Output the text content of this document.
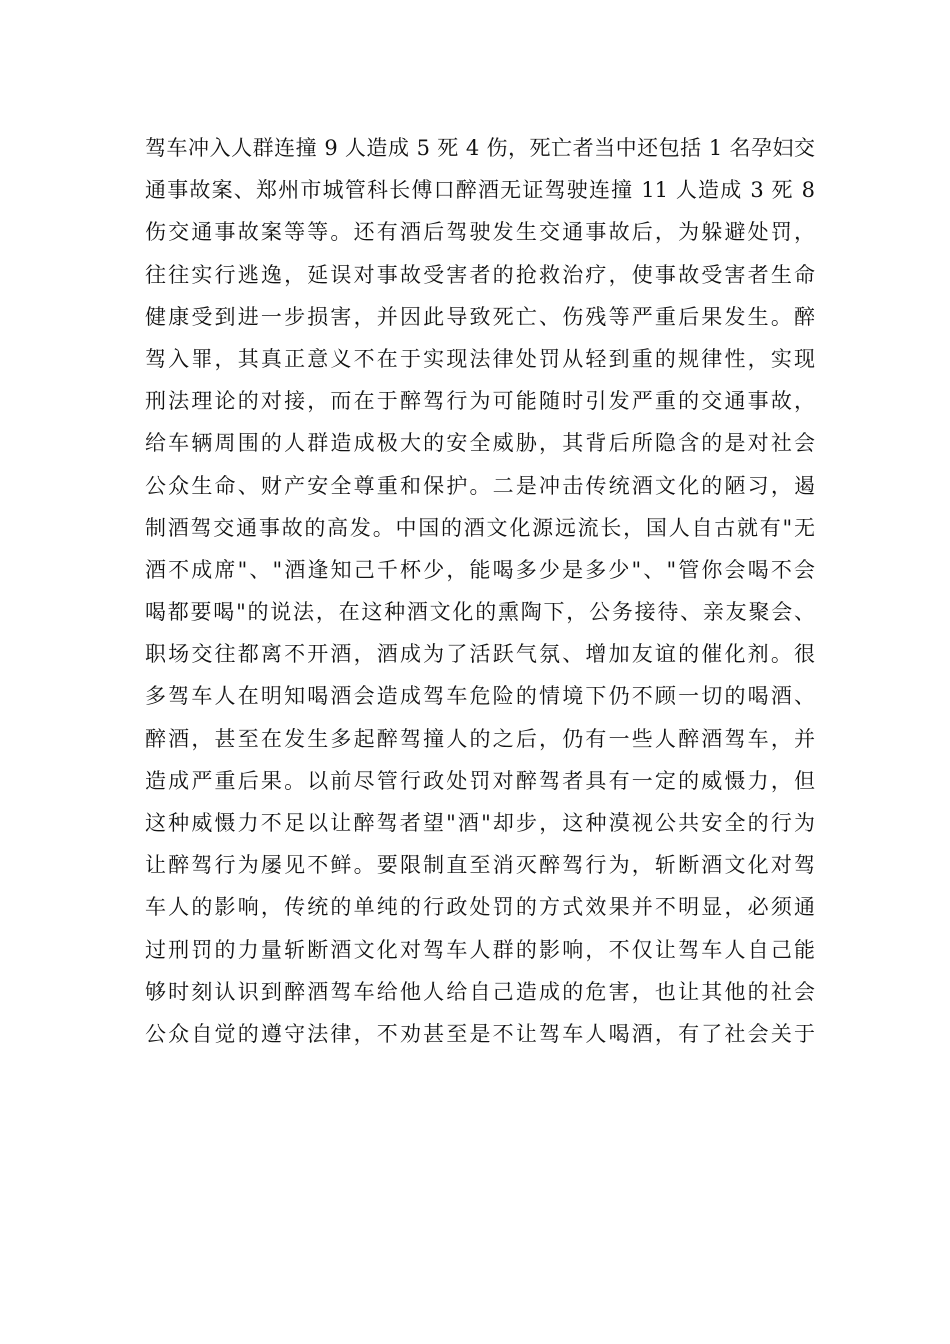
驾车冲入人群连撞 9 人造成 5 死 4 伤，死亡者当中还包括 1 名孕妇交
通事故案、郑州市城管科长傅口醉酒无证驾驶连撞 11 人造成 3 死 8
伤交通事故案等等。还有酒后驾驶发生交通事故后，为躲避处罚，
往往实行逃逸，延误对事故受害者的抢救治疗，使事故受害者生命
健康受到进一步损害，并因此导致死亡、伤残等严重后果发生。醉
驾入罪，其真正意义不在于实现法律处罚从轻到重的规律性，实现
刑法理论的对接，而在于醉驾行为可能随时引发严重的交通事故，
给车辆周围的人群造成极大的安全威胁，其背后所隐含的是对社会
公众生命、财产安全尊重和保护。二是冲击传统酒文化的陋习，遏
制酒驾交通事故的高发。中国的酒文化源远流长，国人自古就有"无
酒不成席"、"酒逢知己千杯少，能喝多少是多少"、"管你会喝不会
喝都要喝"的说法，在这种酒文化的熏陶下，公务接待、亲友聚会、
职场交往都离不开酒，酒成为了活跃气氛、增加友谊的催化剂。很
多驾车人在明知喝酒会造成驾车危险的情境下仍不顾一切的喝酒、
醉酒，甚至在发生多起醉驾撞人的之后，仍有一些人醉酒驾车，并
造成严重后果。以前尽管行政处罚对醉驾者具有一定的威慑力，但
这种威慑力不足以让醉驾者望"酒"却步，这种漠视公共安全的行为
让醉驾行为屡见不鲜。要限制直至消灭醉驾行为，斩断酒文化对驾
车人的影响，传统的单纯的行政处罚的方式效果并不明显，必须通
过刑罚的力量斩断酒文化对驾车人群的影响，不仅让驾车人自己能
够时刻认识到醉酒驾车给他人给自己造成的危害，也让其他的社会
公众自觉的遵守法律，不劝甚至是不让驾车人喝酒，有了社会关于
